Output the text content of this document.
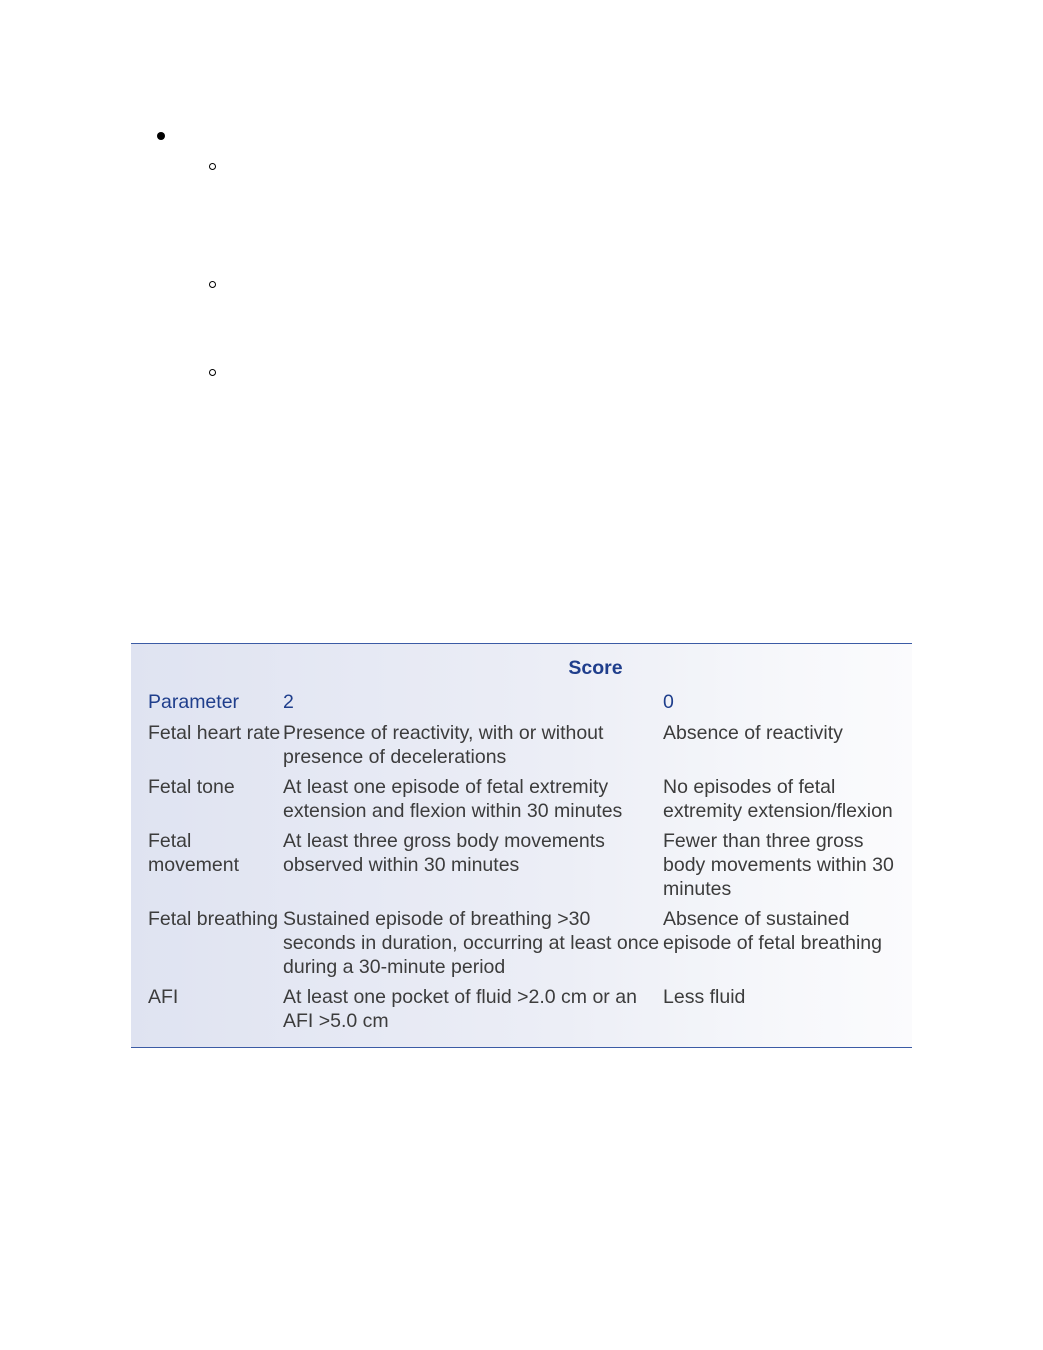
	Score	
Parameter	2	0
Fetal heart rate	Presence of reactivity, with or without presence of decelerations	Absence of reactivity
Fetal tone	At least one episode of fetal extremity extension and flexion within 30 minutes	No episodes of fetal extremity extension/flexion
Fetal movement	At least three gross body movements observed within 30 minutes	Fewer than three gross body movements within 30 minutes
Fetal breathing	Sustained episode of breathing >30 seconds in duration, occurring at least once during a 30-minute period	Absence of sustained episode of fetal breathing
AFI	At least one pocket of fluid >2.0 cm or an AFI >5.0 cm	Less fluid
